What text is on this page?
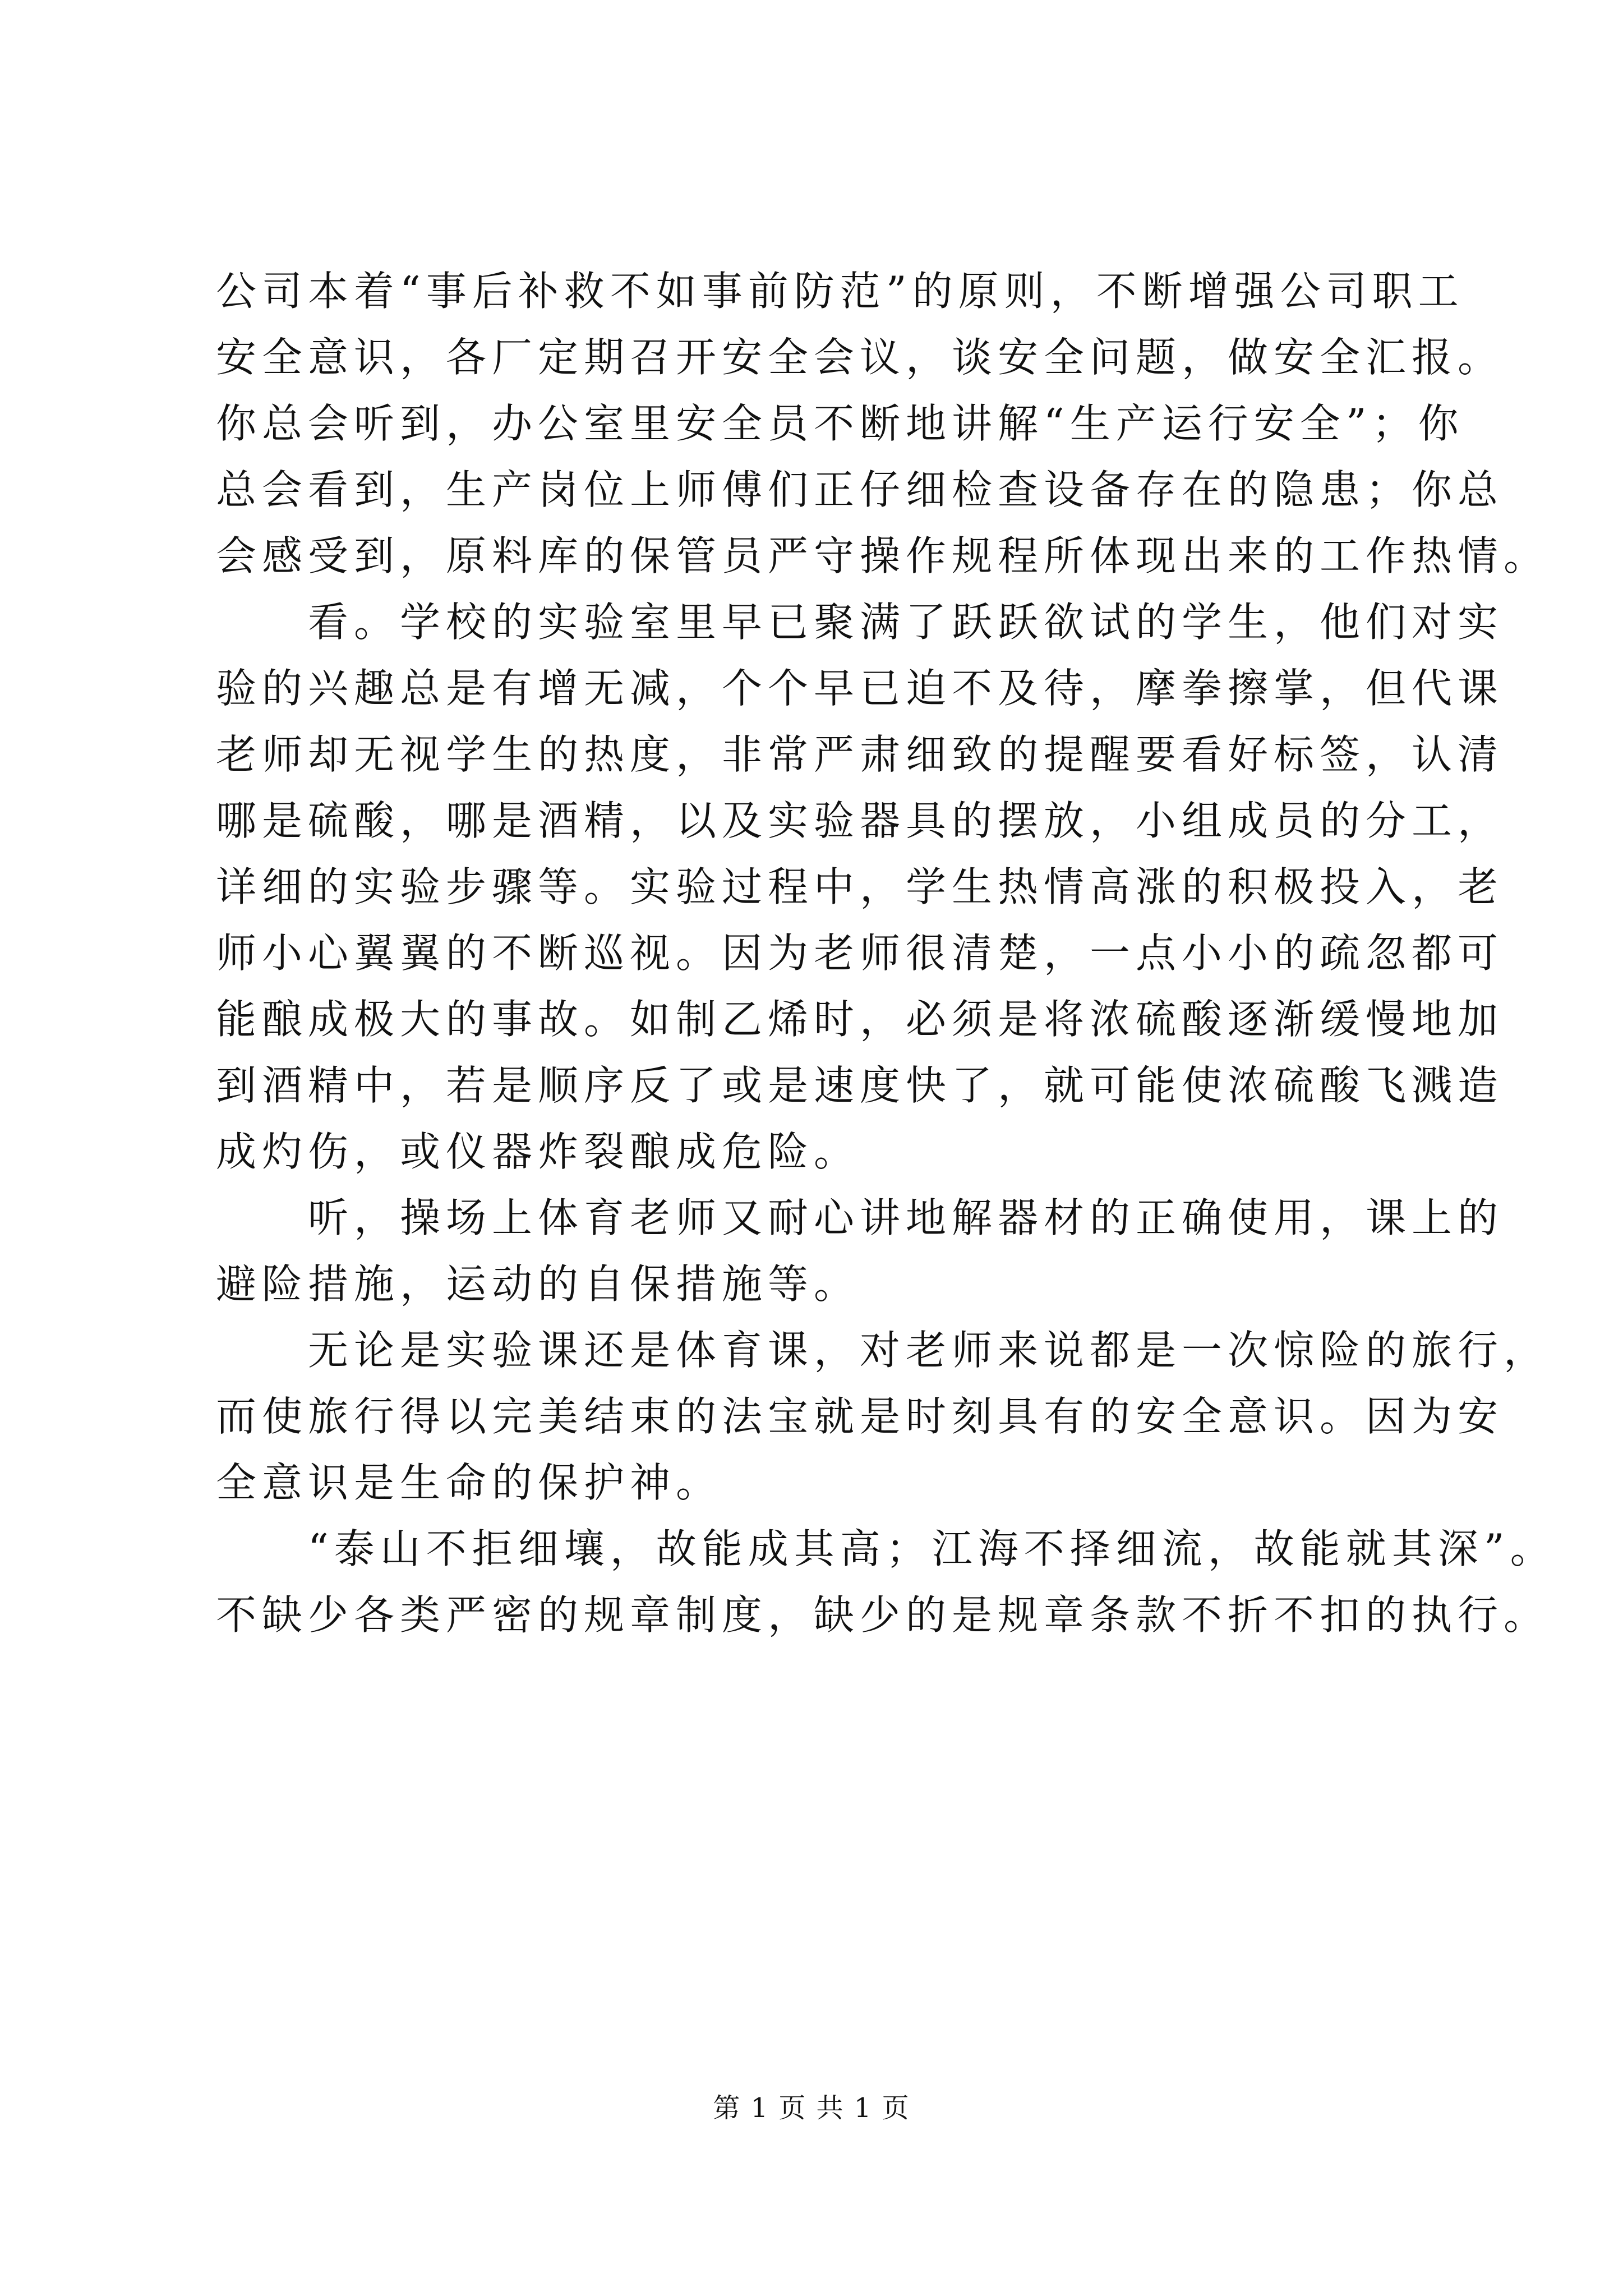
公司本着“事后补救不如事前防范”的原则，不断增强公司职工
安全意识，各厂定期召开安全会议，谈安全问题，做安全汇报。
你总会听到，办公室里安全员不断地讲解“生产运行安全”；你
总会看到，生产岗位上师傅们正仔细检查设备存在的隐患；你总
会感受到，原料库的保管员严守操作规程所体现出来的工作热情。
　　看。学校的实验室里早已聚满了跃跃欲试的学生，他们对实
验的兴趣总是有增无减，个个早已迫不及待，摩拳擦掌，但代课
老师却无视学生的热度，非常严肃细致的提醒要看好标签，认清
哪是硫酸，哪是酒精，以及实验器具的摆放，小组成员的分工，
详细的实验步骤等。实验过程中，学生热情高涨的积极投入，老
师小心翼翼的不断巡视。因为老师很清楚，一点小小的疏忽都可
能酿成极大的事故。如制乙烯时，必须是将浓硫酸逐渐缓慢地加
到酒精中，若是顺序反了或是速度快了，就可能使浓硫酸飞溅造
成灼伤，或仪器炸裂酿成危险。
　　听，操场上体育老师又耐心讲地解器材的正确使用，课上的
避险措施，运动的自保措施等。
　　无论是实验课还是体育课，对老师来说都是一次惊险的旅行，
而使旅行得以完美结束的法宝就是时刻具有的安全意识。因为安
全意识是生命的保护神。
　　“泰山不拒细壤，故能成其高；江海不择细流，故能就其深”。
不缺少各类严密的规章制度，缺少的是规章条款不折不扣的执行。
第 1 页 共 1 页
